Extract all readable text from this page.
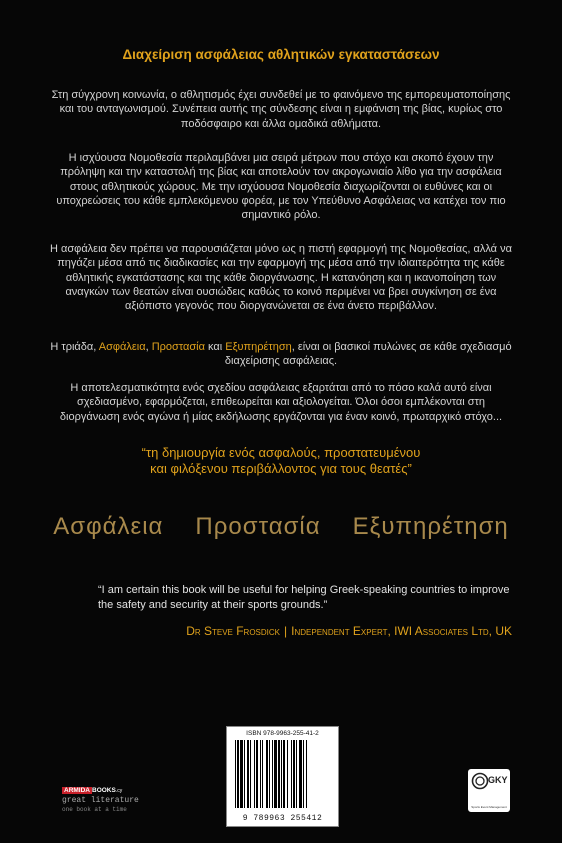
Διαχείριση ασφάλειας αθλητικών εγκαταστάσεων
Στη σύγχρονη κοινωνία, ο αθλητισμός έχει συνδεθεί με το φαινόμενο της εμπορευματοποίησης και του ανταγωνισμού. Συνέπεια αυτής της σύνδεσης είναι η εμφάνιση της βίας, κυρίως στο ποδόσφαιρο και άλλα ομαδικά αθλήματα.
Η ισχύουσα Νομοθεσία περιλαμβάνει μια σειρά μέτρων που στόχο και σκοπό έχουν την πρόληψη και την καταστολή της βίας και αποτελούν τον ακρογωνιαίο λίθο για την ασφάλεια στους αθλητικούς χώρους. Με την ισχύουσα Νομοθεσία διαχωρίζονται οι ευθύνες και οι υποχρεώσεις του κάθε εμπλεκόμενου φορέα, με τον Υπεύθυνο Ασφάλειας να κατέχει τον πιο σημαντικό ρόλο.
Η ασφάλεια δεν πρέπει να παρουσιάζεται μόνο ως η πιστή εφαρμογή της Νομοθεσίας, αλλά να πηγάζει μέσα από τις διαδικασίες και την εφαρμογή της μέσα από την ιδιαιτερότητα της κάθε αθλητικής εγκατάστασης και της κάθε διοργάνωσης. Η κατανόηση και η ικανοποίηση των αναγκών των θεατών είναι ουσιώδεις καθώς το κοινό περιμένει να βρει συγκίνηση σε ένα αξιόπιστο γεγονός που διοργανώνεται σε ένα άνετο περιβάλλον.
Η τριάδα, Ασφάλεια, Προστασία και Εξυπηρέτηση, είναι οι βασικοί πυλώνες σε κάθε σχεδιασμό διαχείρισης ασφάλειας.
Η αποτελεσματικότητα ενός σχεδίου ασφάλειας εξαρτάται από το πόσο καλά αυτό είναι σχεδιασμένο, εφαρμόζεται, επιθεωρείται και αξιολογείται. Όλοι όσοι εμπλέκονται στη διοργάνωση ενός αγώνα ή μίας εκδήλωσης εργάζονται για έναν κοινό, πρωταρχικό στόχο...
“τη δημιουργία ενός ασφαλούς, προστατευμένου
και φιλόξενου περιβάλλοντος για τους θεατές”
Ασφάλεια Προστασία Εξυπηρέτηση
“I am certain this book will be useful for helping Greek-speaking countries to improve the safety and security at their sports grounds.”
Dr Steve Frosdick | Independent Expert, IWI Associates Ltd, UK
ISBN 978-9963-255-41-2
9 789963 255412
ARMIDA BOOKS.cy
great literature
one book at a time
GKY
Sports Event Management
